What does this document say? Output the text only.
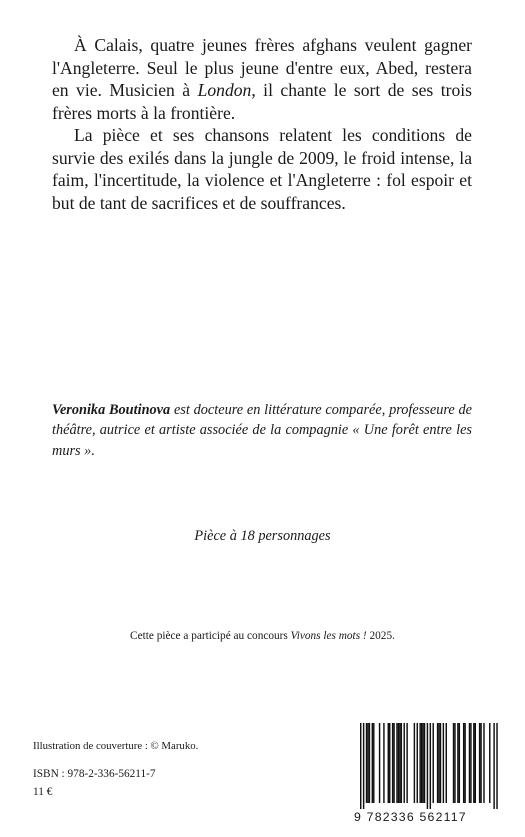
À Calais, quatre jeunes frères afghans veulent gagner l'Angleterre. Seul le plus jeune d'entre eux, Abed, restera en vie. Musicien à London, il chante le sort de ses trois frères morts à la frontière.

La pièce et ses chansons relatent les conditions de survie des exilés dans la jungle de 2009, le froid intense, la faim, l'incertitude, la violence et l'Angleterre : fol espoir et but de tant de sacrifices et de souffrances.

Veronika Boutinova est docteure en littérature comparée, professeure de théâtre, autrice et artiste associée de la compagnie « Une forêt entre les murs ».
Pièce à 18 personnages
Cette pièce a participé au concours Vivons les mots ! 2025.
Illustration de couverture : © Maruko.
ISBN : 978-2-336-56211-7
11 €
9 782336 562117
